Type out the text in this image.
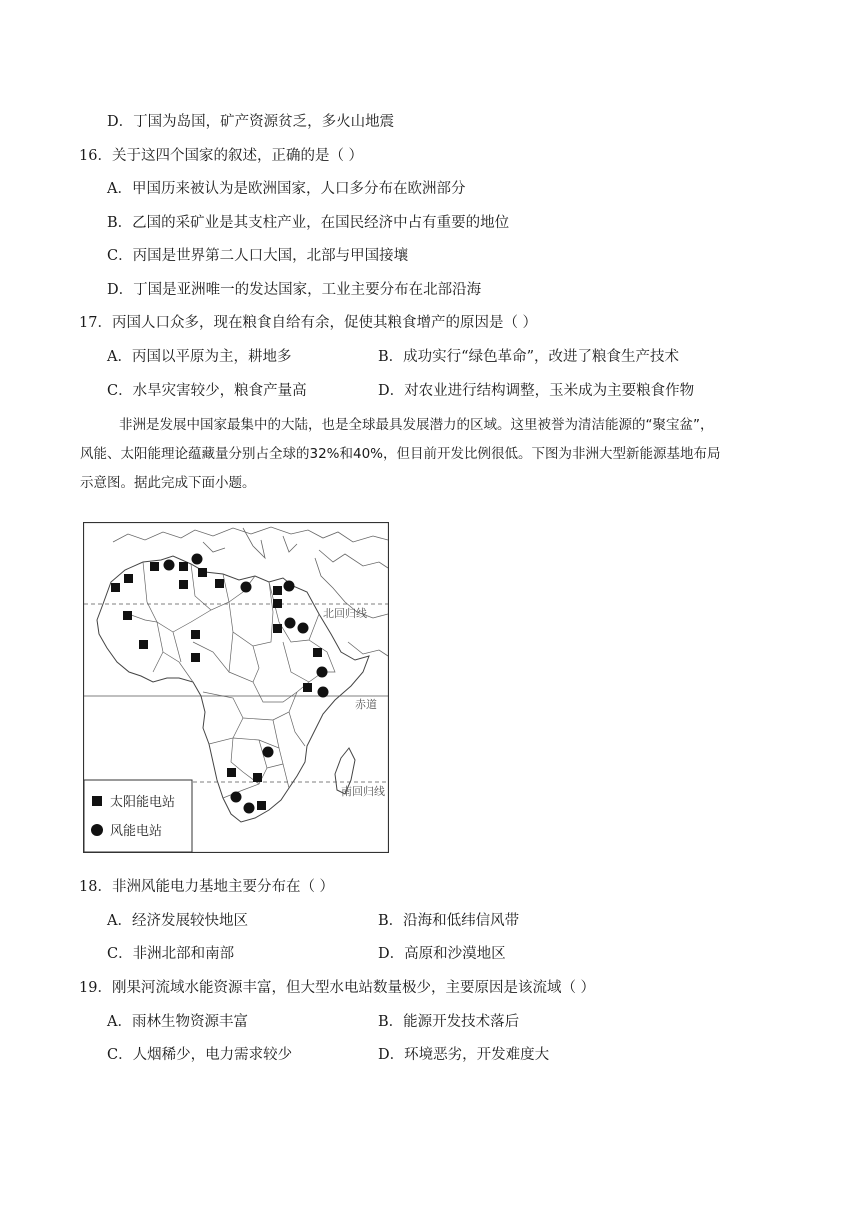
D．丁国为岛国，矿产资源贫乏，多火山地震
16．关于这四个国家的叙述，正确的是（ ）
A．甲国历来被认为是欧洲国家，人口多分布在欧洲部分
B．乙国的采矿业是其支柱产业，在国民经济中占有重要的地位
C．丙国是世界第二人口大国，北部与甲国接壤
D．丁国是亚洲唯一的发达国家，工业主要分布在北部沿海
17．丙国人口众多，现在粮食自给有余，促使其粮食增产的原因是（ ）
A．丙国以平原为主，耕地多	B．成功实行“绿色革命”，改进了粮食生产技术
C．水旱灾害较少，粮食产量高	D．对农业进行结构调整，玉米成为主要粮食作物
非洲是发展中国家最集中的大陆，也是全球最具发展潜力的区域。这里被誉为清洁能源的“聚宝盆”，
风能、太阳能理论蕴藏量分别占全球的32%和40%，但目前开发比例很低。下图为非洲大型新能源基地布局
示意图。据此完成下面小题。
北回归线
赤道
南回归线
太阳能电站
风能电站
18．非洲风能电力基地主要分布在（ ）
A．经济发展较快地区	B．沿海和低纬信风带
C．非洲北部和南部	D．高原和沙漠地区
19．刚果河流域水能资源丰富，但大型水电站数量极少，主要原因是该流域（ ）
A．雨林生物资源丰富	B．能源开发技术落后
C．人烟稀少，电力需求较少	D．环境恶劣，开发难度大
